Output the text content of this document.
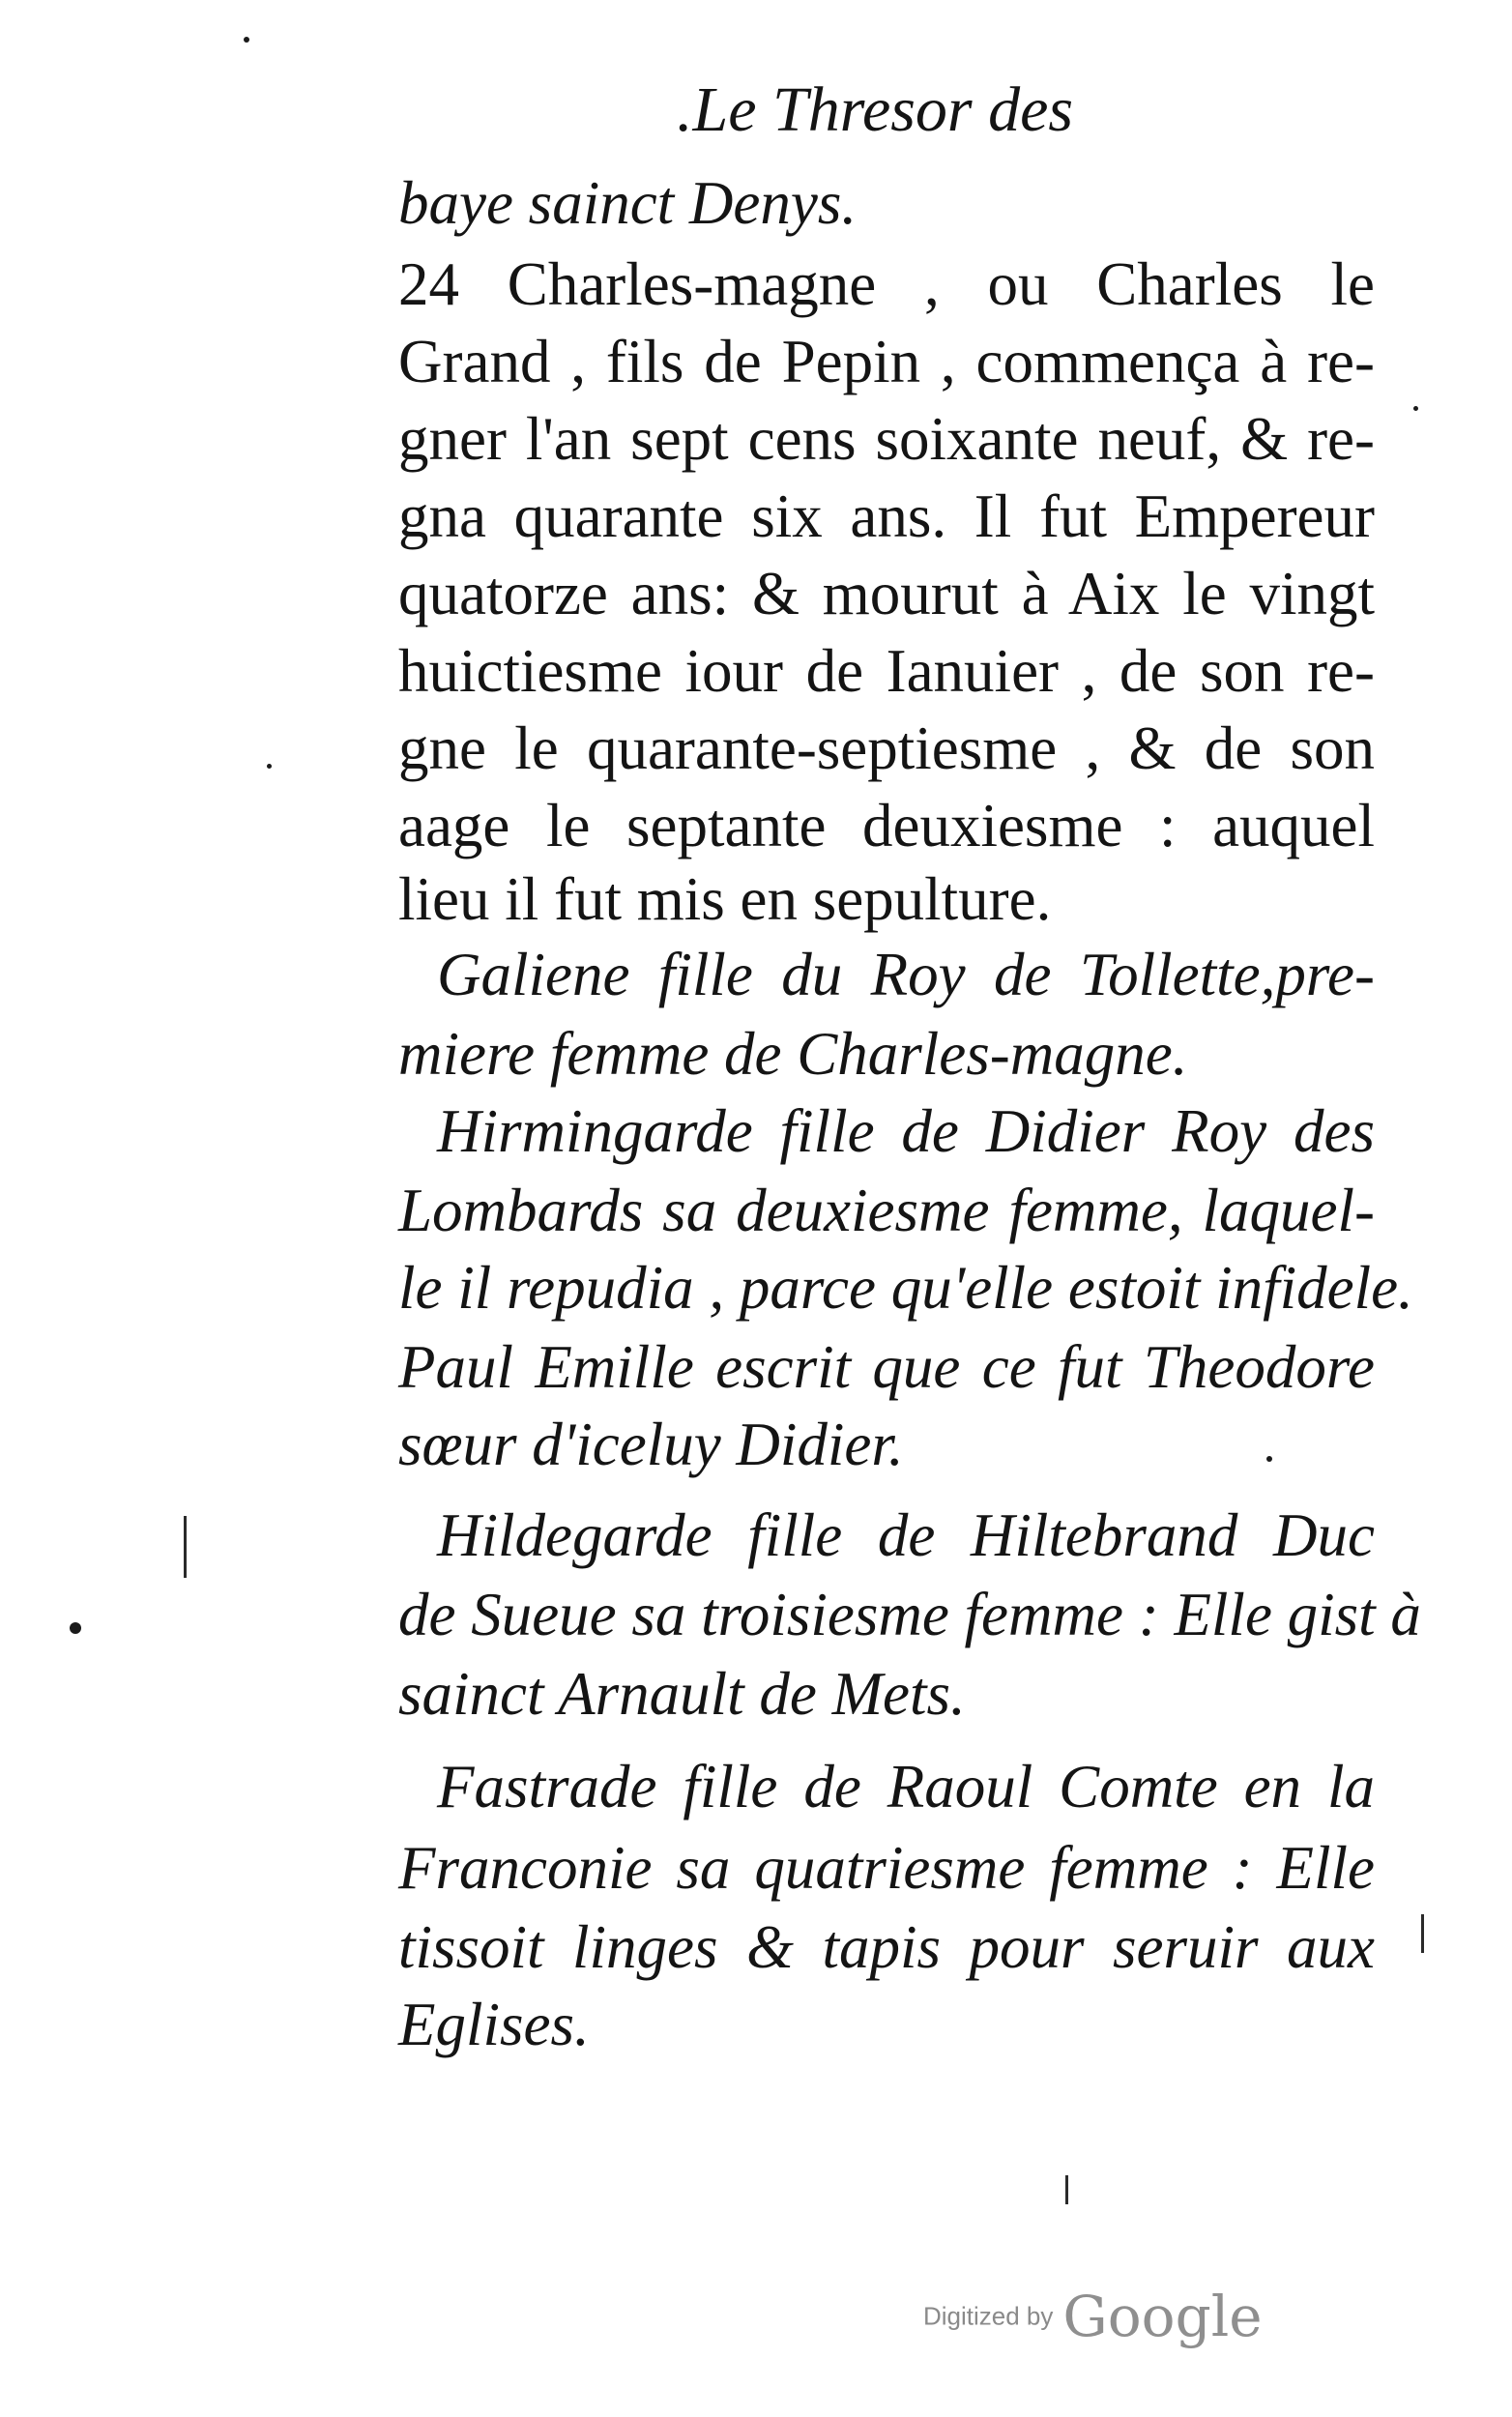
.Le Thresor des
baye sainct Denys.
24 Charles-magne , ou Charles le
Grand , fils de Pepin , commença à re-
gner l'an sept cens soixante neuf, & re-
gna quarante six ans. Il fut Empereur
quatorze ans: & mourut à Aix le vingt
huictiesme iour de Ianuier , de son re-
gne le quarante-septiesme , & de son
aage le septante deuxiesme : auquel
lieu il fut mis en sepulture.
Galiene fille du Roy de Tollette,pre-
miere femme de Charles-magne.
Hirmingarde fille de Didier Roy des
Lombards sa deuxiesme femme, laquel-
le il repudia , parce qu'elle estoit infidele.
Paul Emille escrit que ce fut Theodore
sœur d'iceluy Didier.
Hildegarde fille de Hiltebrand Duc
de Sueue sa troisiesme femme : Elle gist à
sainct Arnault de Mets.
Fastrade fille de Raoul Comte en la
Franconie sa quatriesme femme : Elle
tissoit linges & tapis pour seruir aux
Eglises.
Digitized by Google
